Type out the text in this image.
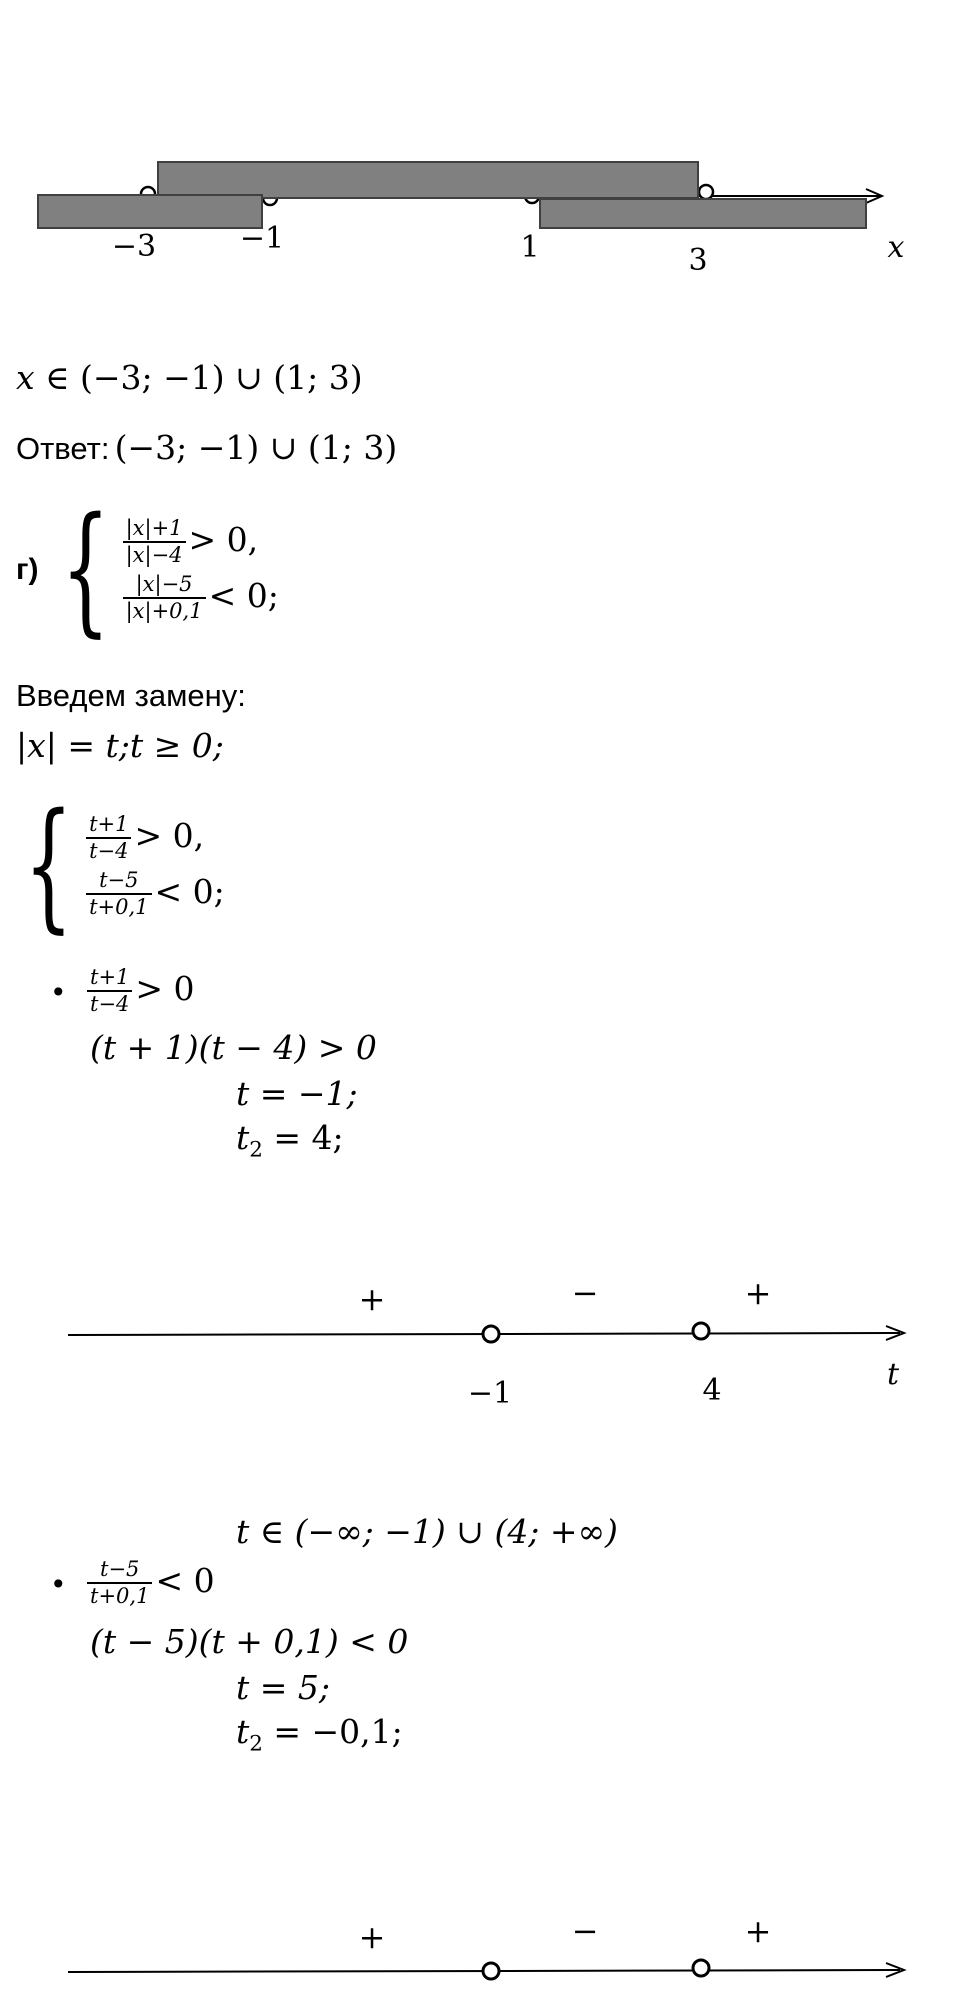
−3	−1	1	3	x
x ∈ (−3; −1) ∪ (1; 3)
Ответ: (−3; −1) ∪ (1; 3)
г) { $\frac{|x|+1}{|x|-4} > 0$,
$\frac{|x|-5}{|x|+0,1} < 0$;
Введем замену:
|x| = t;t ≥ 0;
{ $\frac{t+1}{t-4} > 0$,
$\frac{t-5}{t+0,1} < 0$;
• $\frac{t+1}{t-4} > 0$
(t + 1)(t − 4) > 0
t = −1;
$t_2 = 4$;
+	−	+
−1	4	t
t ∈ (−∞; −1) ∪ (4; +∞)
• $\frac{t-5}{t+0,1} < 0$
(t − 5)(t + 0,1) < 0
t = 5;
$t_2 = -0,1$;
+	−	+
